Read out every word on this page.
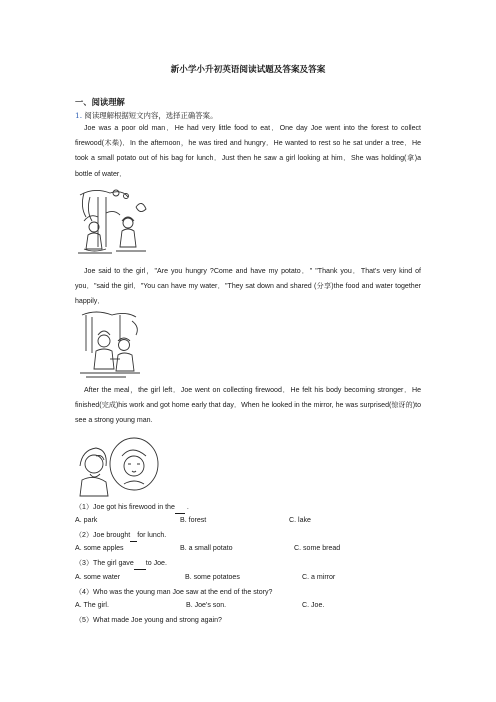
新小学小升初英语阅读试题及答案及答案
一、阅读理解
1. 阅读理解根据短文内容，选择正确答案。

Joe was a poor old man．He had very little food to eat．One day Joe went into the forest to collect firewood(木柴)．In the afternoon，he was tired and hungry．He wanted to rest so he sat under a tree．He took a small potato out of his bag for lunch．Just then he saw a girl looking at him．She was holding(拿)a bottle of water．

Joe said to the girl，"Are you hungry ?Come and have my potato．" "Thank you．That's very kind of you．"said the girl．"You can have my water．"They sat down and shared (分享)the food and water together happily．

After the meal，the girl left．Joe went on collecting firewood．He felt his body becoming stronger．He finished(完成)his work and got home early that day．When he looked in the mirror, he was surprised(惊讶的)to see a strong young man.

（1）Joe got his firewood in the .
A. park	B. forest	C. lake
（2）Joe brought for lunch.
A. some apples	B. a small potato	C. some bread
（3）The girl gave to Joe.
A. some water	B. some potatoes	C. a mirror
（4）Who was the young man Joe saw at the end of the story?
A. The girl.	B. Joe's son.	C. Joe.
（5）What made Joe young and strong again?
